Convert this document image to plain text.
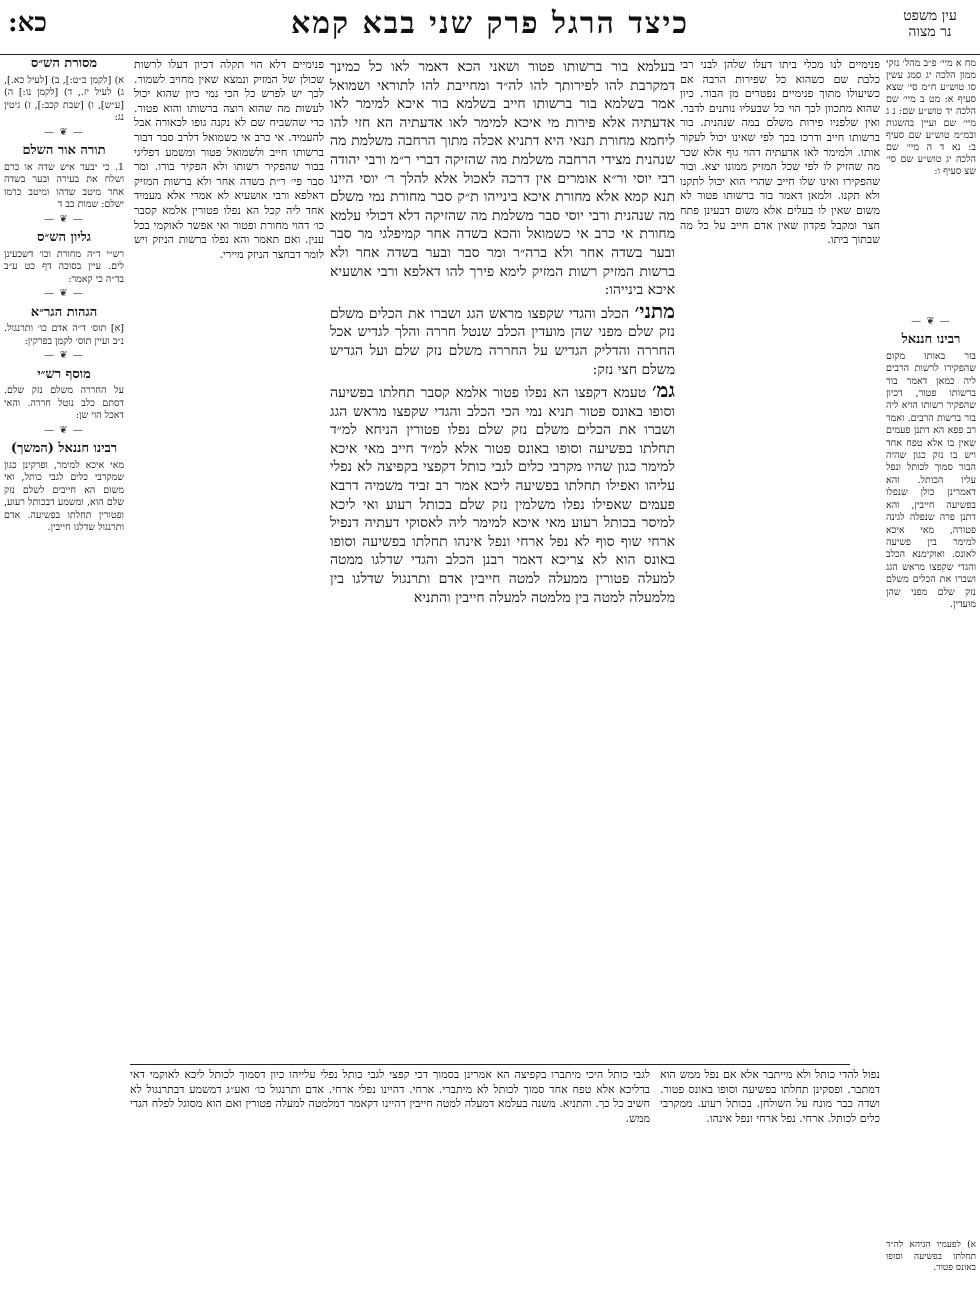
עין משפט
נר מצוה
כיצד הרגל פרק שני בבא קמא
כא:

מח א מיי׳ פ״ב מהל׳ נזקי ממון הלכה יג סמג עשין סו טוש״ע ח״מ סי׳ שצא סעיף א: מט ב מיי׳ שם הלכה יד טוש״ע שם: נ ג מיי׳ שם ועיין בהשגות ובמ״מ טוש״ע שם סעיף ב: נא ד ה מיי׳ שם הלכה יג טוש״ע שם סי׳ שצ סעיף ו:

— ❦ —
רבינו חננאל

בור באותו מקום שהפקירו לרשות הרבים ליה כמאן דאמר בור ברשותו פטור, דכיון שהפקיר רשותו הויא ליה בור ברשות הרבים. ואמר רב פפא הא דתנן פעמים שאין בו אלא טפח אחד ויש בו נזק כגון שהיה הבור סמוך לכותל ונפל עליו הכותל. והא דאמרינן כולן שנפלו בפשיעה חייבין, והא דתנן פרה שנפלה לגינה פטורה, מאי איכא למימר בין פשיעה לאונס. ואוקימנא הכלב והגדי שקפצו מראש הגג ושברו את הכלים משלם נזק שלם מפני שהן מועדין.

פנימיים לנו מכלי ביתו דעלו שלהן לבני רבי כלבת שם כשהוא כל שפירות הרבה אם כשיעולו מתוך פנימיים נפטרים מן הבור. כיון שהוא מתכוון לכך הוי כל שבעליו נותנים לדבר. ואין שלפניו פירות משלם במה שנהנית. בור ברשותו חייב ודרכו בכך לפי שאינו יכול לעקור אותו. ולמימר לאו אדעתיה דהוי גוף אלא שכר מה שהזיק לו לפי שכל המזיק ממונו יצא. ובור שהפקירו ואינו שלו חייב שהרי הוא יכול לתקנו ולא תקנו. ולמאן דאמר בור ברשותו פטור לא משום שאין לו בעלים אלא משום דבעינן פתח חצר ומקבל פקדון שאין אדם חייב על כל מה שבתוך ביתו.

בעלמא בור ברשותו פטור ושאני הכא דאמר לאו כל כמינך דמקרבת להו לפירותך להו לה״ד ומחייבת להו לתוראי ושמואל אמר בשלמא בור ברשותו חייב בשלמא בור איכא למימר לאו אדעתיה אלא פירות מי איכא למימר לאו אדעתיה הא חזי להו ליחמא מחורת תנאי היא דתניא אכלה מתוך הרחבה משלמת מה שנהנית מצידי הרחבה משלמת מה שהזיקה דברי ר״מ ורבי יהודה רבי יוסי ור״א אומרים אין דרכה לאכול אלא להלך ר׳ יוסי היינו תנא קמא אלא מחורת איכא בינייהו ת״ק סבר מחורת נמי משלם מה שנהנית ורבי יוסי סבר משלמת מה שהזיקה דלא דכולי עלמא מחורת אי כרב אי כשמואל והכא בשדה אחר קמיפלגי מר סבר ובער בשדה אחר ולא ברה״ר ומר סבר ובער בשדה אחר ולא ברשות המזיק רשות המזיק לימא פירך להו דאלפא ורבי אושעיא איכא בינייהו:

מתני׳ הכלב והגדי שקפצו מראש הגג ושברו את הכלים משלם נזק שלם מפני שהן מועדין הכלב שנטל חררה והלך לגדיש אכל החררה והדליק הגדיש על החררה משלם נזק שלם ועל הגדיש משלם חצי נזק:

גמ׳ טעמא דקפצו הא נפלו פטור אלמא קסבר תחלתו בפשיעה וסופו באונס פטור תניא נמי הכי הכלב והגדי שקפצו מראש הגג ושברו את הכלים משלם נזק שלם נפלו פטורין הניחא למ״ד תחלתו בפשיעה וסופו באונס פטור אלא למ״ד חייב מאי איכא למימר כגון שהיו מקרבי כלים לגבי כותל דקפצי בקפיצה לא נפלי עליהו ואפילו תחלתו בפשיעה ליכא אמר רב זביד משמיה דרבא פעמים שאפילו נפלו משלמין נזק שלם בכותל רעוע ואי ליכא למיסר בכותל רעוע מאי איכא למימר ליה לאסוקי דעתיה דנפיל ארחי שוף סוף לא נפל ארחי ונפל אינהו תחלתו בפשיעה וסופו באונס הוא לא צריכא דאמר רבנן הכלב והגדי שדלגו ממטה למעלה פטורין ממעלה למטה חייבין אדם ותרנגול שדלגו בין מלמעלה למטה בין מלמטה למעלה חייבין והתניא

פנימיים דלא הוי תקלה דכיון דעלו לרשות שכולן של המזיק ונמצא שאין מחויב לשמור. לכך יש לפרש כל הכי נמי כיון שהוא יכול לעשות מה שהוא רוצה ברשותו והוא פטור. כדי שהשביח שם לא נקנה גופו לכאורה אבל להעמיד. אי כרב אי כשמואל דלרב סבר דבור ברשותו חייב ולשמואל פטור ומשמע דפליגי בבור שהפקיר רשותו ולא הפקיר בורו. ומר סבר פי׳ ר״ת בשדה אחר ולא ברשות המזיק דאלפא ורבי אושעיא לא אמרי אלא מעמיד אחד ליה קכל הא נפלו פטורין אלמא קסבר כו׳ דהוי מחורת ופטור ואי אפשר לאוקמי בכל ענין. ואם תאמר והא נפלו ברשות הניזק ויש לומר דבחצר הניזק מיירי.

מסורת הש״ס

א) [לקמן כ״ט:], ב) [לעיל כא.], ג) לעיל יז., ד) [לקמן נו:] ה) [ע״ש], ו) [שבת קכב:], ז) גיטין נג:

— ❦ —
תורה אור השלם

1. כי יבער איש שדה או כרם ושלח את בעירה ובער בשדה אחר מיטב שדהו ומיטב כרמו ישלם: שמות כב ד

— ❦ —
גליון הש״ס

רש״י ד״ה מחורת וכו׳ דשכעינן לים. עיין בסוכה דף כט ע״ב בד״ה כי קאמר:

— ❦ —
הגהות הגר״א

[א] תוס׳ ד״ה אדם כו׳ ותרנגול. נ״ב ועיין תוס׳ לקמן בפרקין:

— ❦ —
מוסף רש״י

על החררה משלם נזק שלם. דסתם כלב נוטל חררה. והאי דאכל הוי שן:

— ❦ —
רבינו חננאל (המשך)

מאי איכא למימר, ופרקינן כגון שמקרבי כלים לגבי כותל, ואי משום הא חייבים לשלם נזק שלם הוא, ומשמע דבכותל רעוע, ופטורין תחלתו בפשיעה. אדם ותרנגול שדלגו חייבין.

נפול להדי כותל ולא מייתבר אלא אם נפל ממש הוא דמתבר. ופסקינן תחלתו בפשיעה וסופו באונס פטור. ושדה כבר מונח על השולחן. בכותל רעוע. ממקרבי כלים לכותל. ארחי. נפל ארחי ונפל אינהו.

לגבי כותל היכי מיתברו בקפיצה הא אמרינן בסמוך דכי קפצי לגבי כותל נפלי עלייהו כיון דסמוך לכותל ליכא לאוקמי דאי בדליכא אלא טפח אחד סמוך לכותל לא מיתברי. ארחי. דהיינו נפלי ארחי. אדם ותרנגול כו׳ ואע״ג דמשמע דבתרנגול לא חשיב כל כך. והתניא. משנה בעלמא דמעלה למטה חייבין דהיינו דקאמר דמלמטה למעלה פטורין ואם הוא מסוגל לפלח הגדי ממש.

א) לפעמיו הגיהא לה״ד תחלתו בפשיעה וסופו באונס פטור.
